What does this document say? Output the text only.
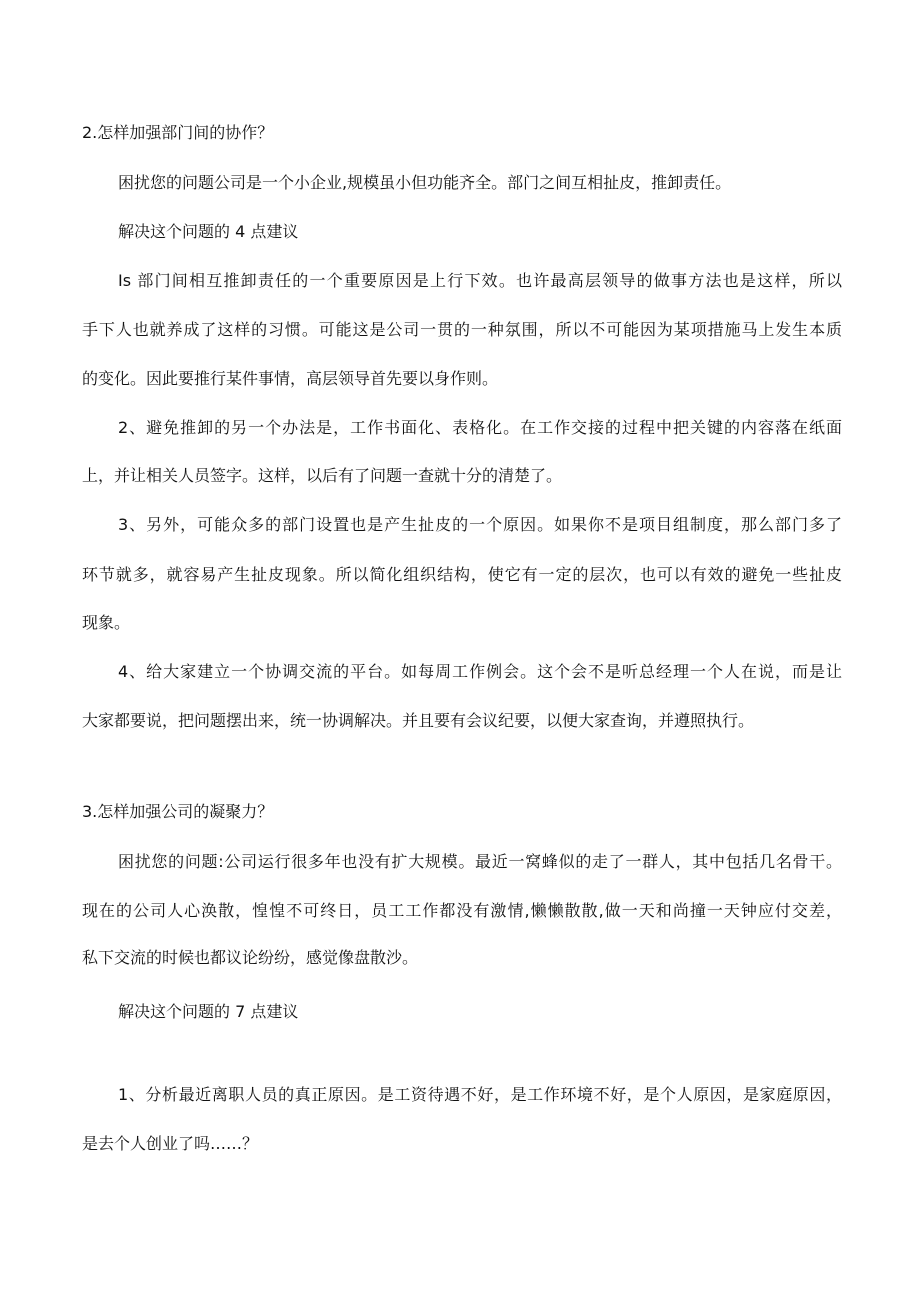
2.怎样加强部门间的协作？

困扰您的问题公司是一个小企业,规模虽小但功能齐全。部门之间互相扯皮，推卸责任。

解决这个问题的 4 点建议

Is 部门间相互推卸责任的一个重要原因是上行下效。也许最高层领导的做事方法也是这样，所以

手下人也就养成了这样的习惯。可能这是公司一贯的一种氛围，所以不可能因为某项措施马上发生本质

的变化。因此要推行某件事情，高层领导首先要以身作则。

2、避免推卸的另一个办法是，工作书面化、表格化。在工作交接的过程中把关键的内容落在纸面

上，并让相关人员签字。这样，以后有了问题一查就十分的清楚了。

3、另外，可能众多的部门设置也是产生扯皮的一个原因。如果你不是项目组制度，那么部门多了

环节就多，就容易产生扯皮现象。所以简化组织结构，使它有一定的层次，也可以有效的避免一些扯皮

现象。

4、给大家建立一个协调交流的平台。如每周工作例会。这个会不是听总经理一个人在说，而是让

大家都要说，把问题摆出来，统一协调解决。并且要有会议纪要，以便大家查询，并遵照执行。

3.怎样加强公司的凝聚力？

困扰您的问题:公司运行很多年也没有扩大规模。最近一窝蜂似的走了一群人，其中包括几名骨干。

现在的公司人心涣散，惶惶不可终日，员工工作都没有激情,懒懒散散,做一天和尚撞一天钟应付交差，

私下交流的时候也都议论纷纷，感觉像盘散沙。

解决这个问题的 7 点建议

1、分析最近离职人员的真正原因。是工资待遇不好，是工作环境不好，是个人原因，是家庭原因，

是去个人创业了吗……？
